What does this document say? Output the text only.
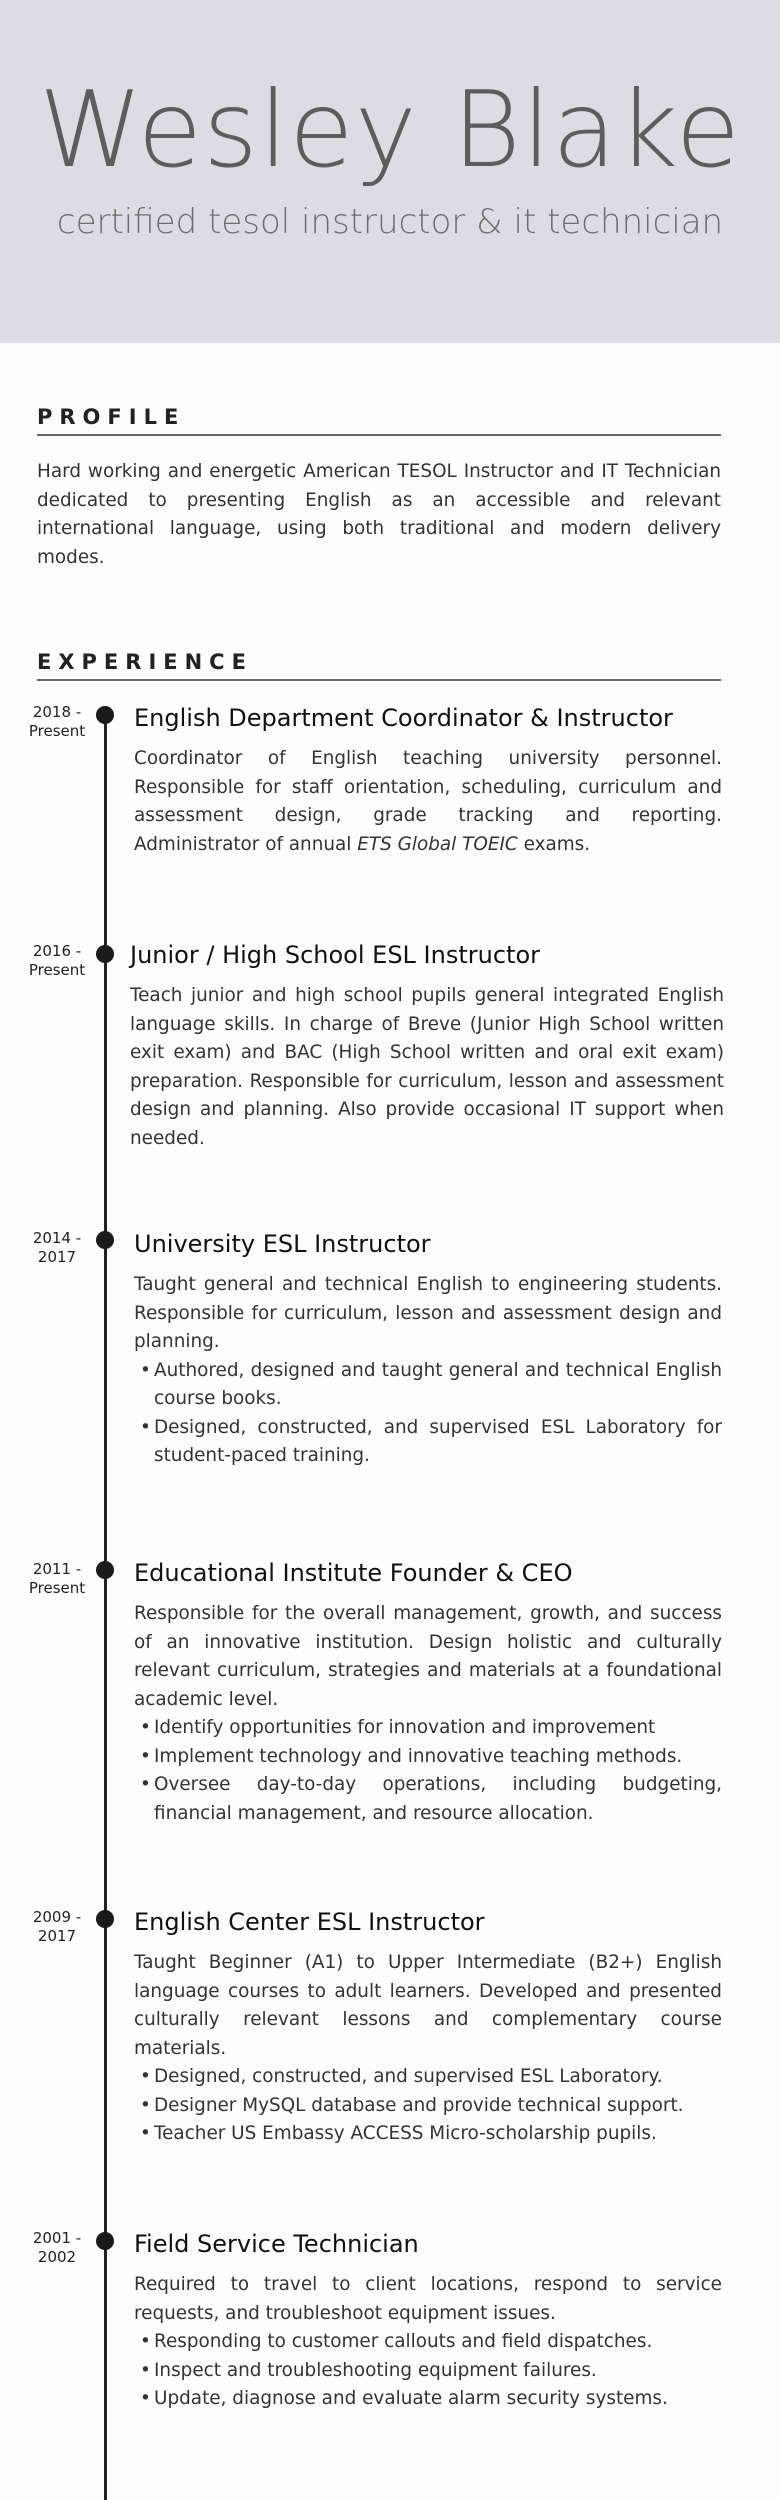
Wesley Blake
certified tesol instructor & it technician
PROFILE
Hard working and energetic American TESOL Instructor and IT Technician dedicated to presenting English as an accessible and relevant international language, using both traditional and modern delivery modes.
EXPERIENCE
2018 -
Present	English Department Coordinator & Instructor
Coordinator of English teaching university personnel. Responsible for staff orientation, scheduling, curriculum and assessment design, grade tracking and reporting. Administrator of annual ETS Global TOEIC exams.
2016 -
Present
Junior / High School ESL Instructor
Teach junior and high school pupils general integrated English language skills. In charge of Breve (Junior High School written exit exam) and BAC (High School written and oral exit exam) preparation. Responsible for curriculum, lesson and assessment design and planning. Also provide occasional IT support when needed.
2014 -
2017	University ESL Instructor
Taught general and technical English to engineering students. Responsible for curriculum, lesson and assessment design and planning.
• Authored, designed and taught general and technical English course books.
• Designed, constructed, and supervised ESL Laboratory for student-paced training.
2011 -
Present
Educational Institute Founder & CEO
Responsible for the overall management, growth, and success of an innovative institution. Design holistic and culturally relevant curriculum, strategies and materials at a foundational academic level.
• Identify opportunities for innovation and improvement
• Implement technology and innovative teaching methods.
• Oversee day-to-day operations, including budgeting, financial management, and resource allocation.
2009 -
2017	English Center ESL Instructor
Taught Beginner (A1) to Upper Intermediate (B2+) English language courses to adult learners. Developed and presented culturally relevant lessons and complementary course materials.
• Designed, constructed, and supervised ESL Laboratory.
• Designer MySQL database and provide technical support.
• Teacher US Embassy ACCESS Micro-scholarship pupils.
2001 -
2002	Field Service Technician
Required to travel to client locations, respond to service requests, and troubleshoot equipment issues.
• Responding to customer callouts and field dispatches.
• Inspect and troubleshooting equipment failures.
• Update, diagnose and evaluate alarm security systems.
